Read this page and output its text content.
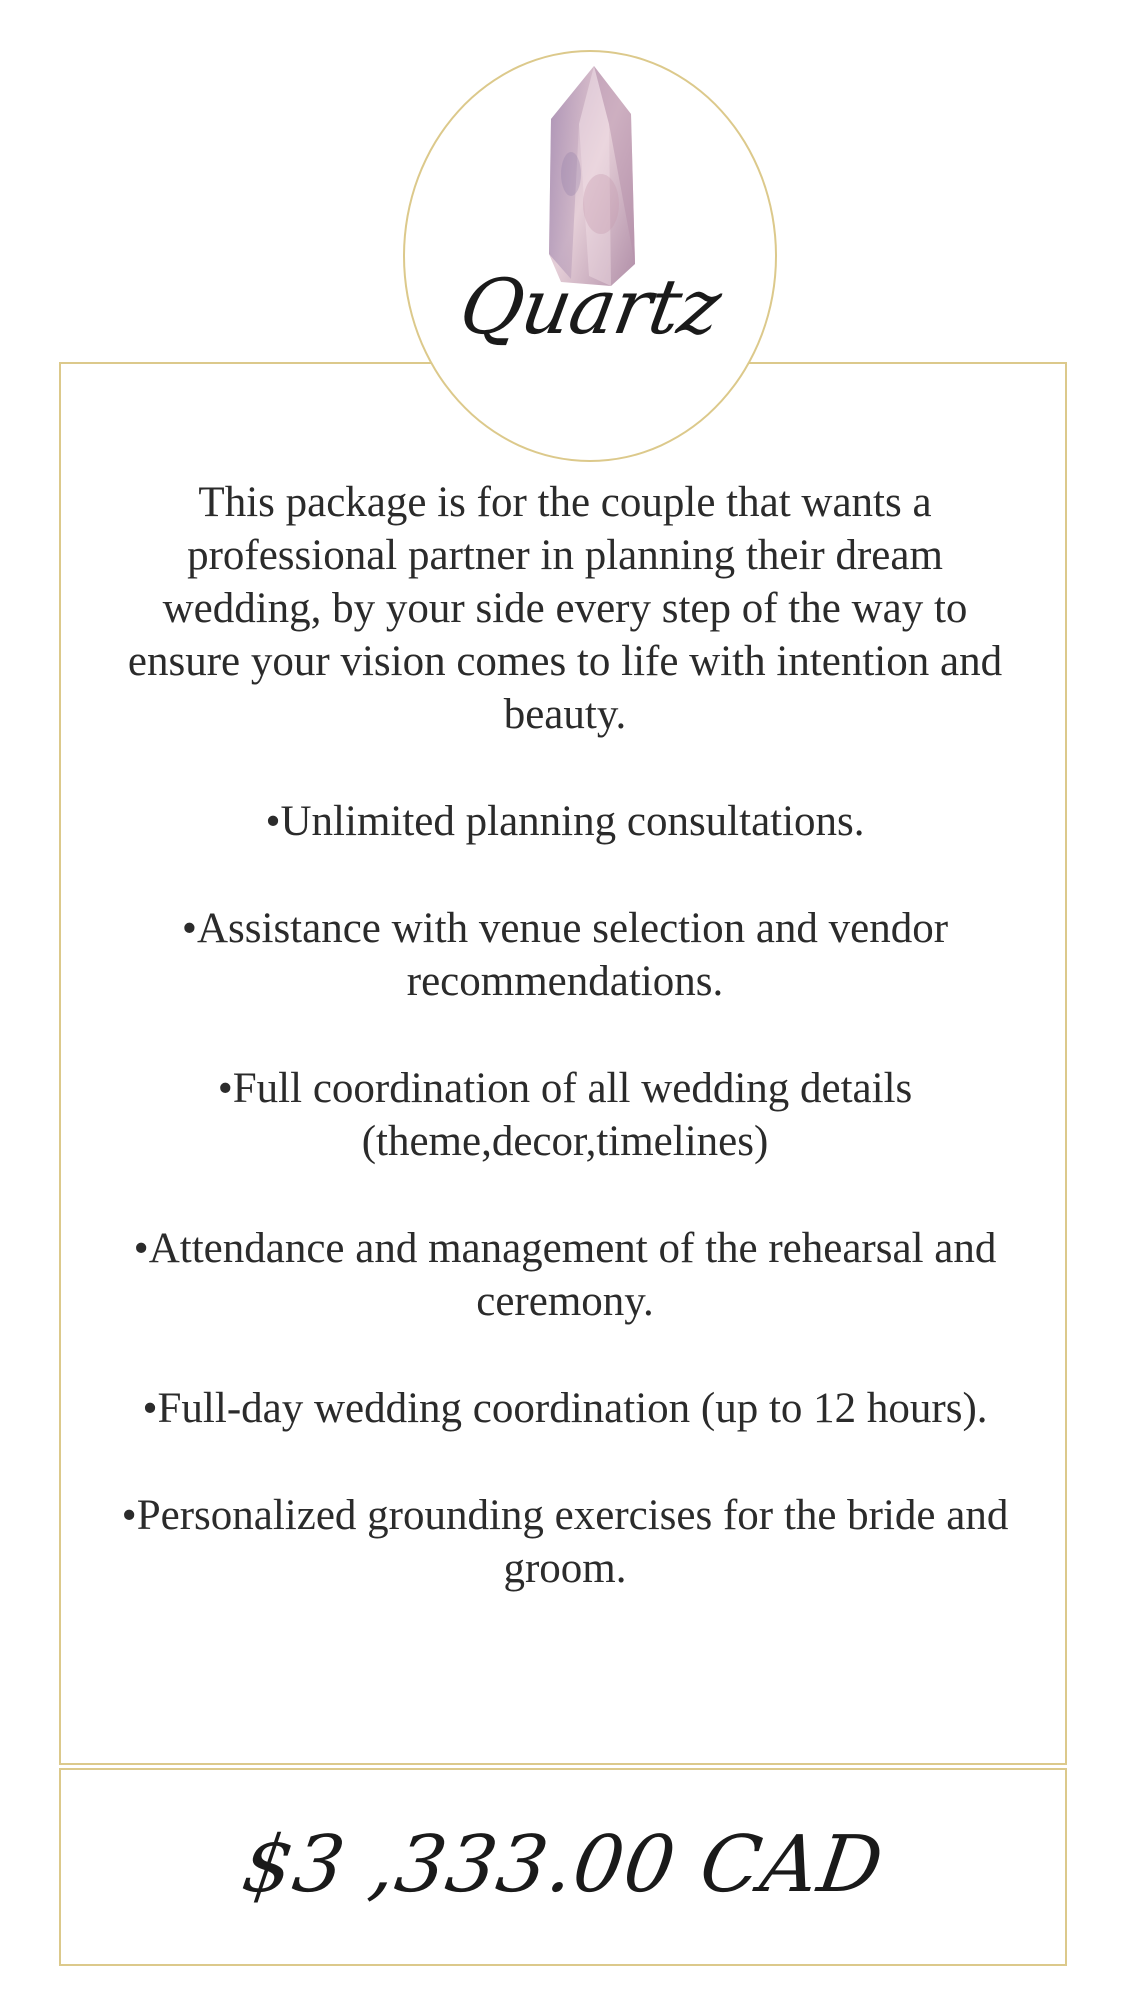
Quartz

This package is for the couple that wants a professional partner in planning their dream wedding, by your side every step of the way to ensure your vision comes to life with intention and beauty.

•Unlimited planning consultations.

•Assistance with venue selection and vendor recommendations.

•Full coordination of all wedding details (theme,decor,timelines)

•Attendance and management of the rehearsal and ceremony.

•Full-day wedding coordination (up to 12 hours).

•Personalized grounding exercises for the bride and groom.

$3 ,333.00 CAD
